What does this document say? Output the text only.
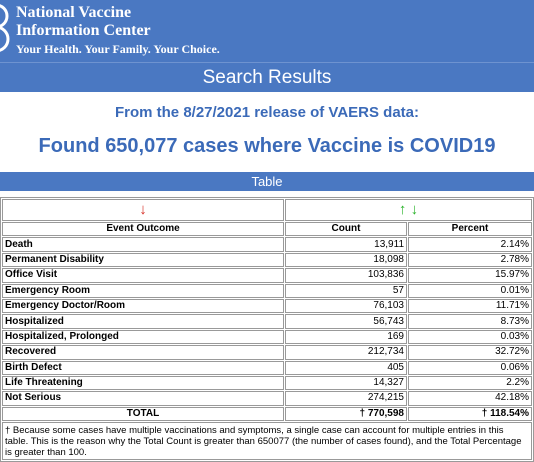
National Vaccine
Information Center
Your Health. Your Family. Your Choice.
Search Results
From the 8/27/2021 release of VAERS data:
Found 650,077 cases where Vaccine is COVID19
Table
↓	↑ ↓	
Event Outcome	Count	Percent
Death	13,911	2.14%
Permanent Disability	18,098	2.78%
Office Visit	103,836	15.97%
Emergency Room	57	0.01%
Emergency Doctor/Room	76,103	11.71%
Hospitalized	56,743	8.73%
Hospitalized, Prolonged	169	0.03%
Recovered	212,734	32.72%
Birth Defect	405	0.06%
Life Threatening	14,327	2.2%
Not Serious	274,215	42.18%
TOTAL	† 770,598	† 118.54%
† Because some cases have multiple vaccinations and symptoms, a single case can account for multiple entries in this table. This is the reason why the Total Count is greater than 650077 (the number of cases found), and the Total Percentage is greater than 100.		
